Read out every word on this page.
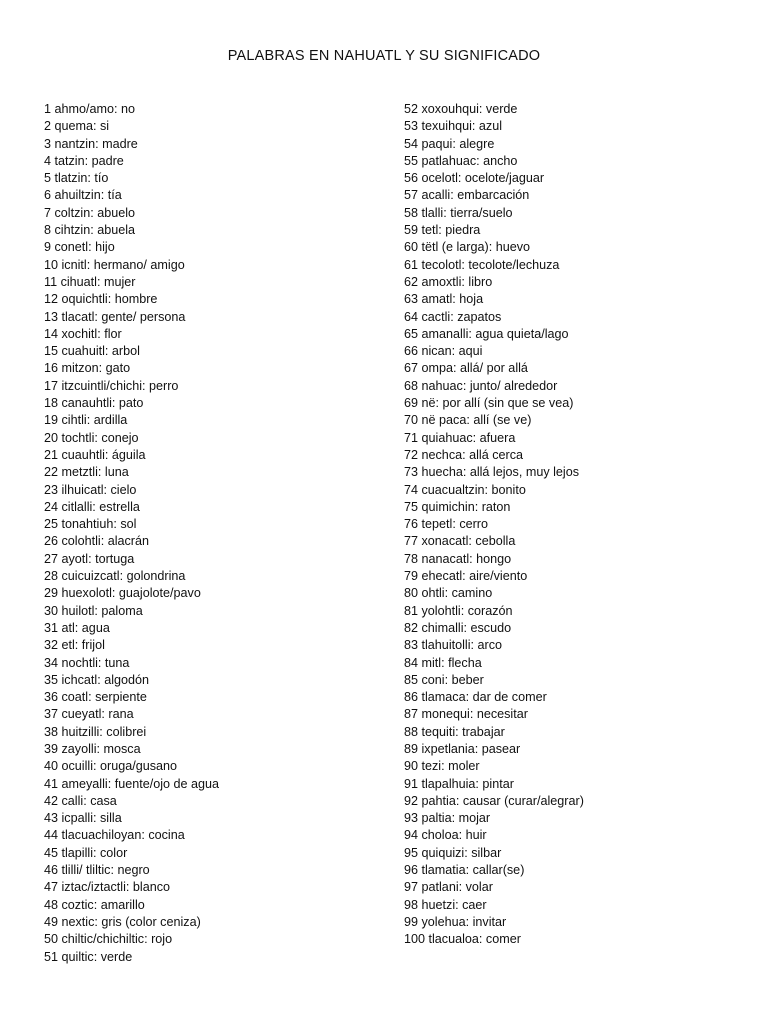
PALABRAS EN NAHUATL Y SU SIGNIFICADO
1 ahmo/amo: no
2 quema: si
3 nantzin: madre
4 tatzin: padre
5 tlatzin: tío
6 ahuiltzin: tía
7 coltzin: abuelo
8 cihtzin: abuela
9 conetl: hijo
10 icnitl: hermano/ amigo
11 cihuatl: mujer
12 oquichtli: hombre
13 tlacatl: gente/ persona
14 xochitl: flor
15 cuahuitl: arbol
16 mitzon: gato
17 itzcuintli/chichi: perro
18 canauhtli: pato
19 cihtli: ardilla
20 tochtli: conejo
21 cuauhtli: águila
22 metztli: luna
23 ilhuicatl: cielo
24 citlalli: estrella
25 tonahtiuh: sol
26 colohtli: alacrán
27 ayotl: tortuga
28 cuicuizcatl: golondrina
29 huexolotl: guajolote/pavo
30 huilotl: paloma
31 atl: agua
32 etl: frijol
34 nochtli: tuna
35 ichcatl: algodón
36 coatl: serpiente
37 cueyatl: rana
38 huitzilli: colibrei
39 zayolli: mosca
40 ocuilli: oruga/gusano
41 ameyalli: fuente/ojo de agua
42 calli: casa
43 icpalli: silla
44 tlacuachiloyan: cocina
45 tlapilli: color
46 tlilli/ tliltic: negro
47 iztac/iztactli: blanco
48 coztic: amarillo
49 nextic: gris (color ceniza)
50 chiltic/chichiltic: rojo
51 quiltic: verde
52 xoxouhqui: verde
53 texuihqui: azul
54 paqui: alegre
55 patlahuac: ancho
56 ocelotl: ocelote/jaguar
57 acalli: embarcación
58 tlalli: tierra/suelo
59 tetl: piedra
60 tëtl (e larga): huevo
61 tecolotl: tecolote/lechuza
62 amoxtli: libro
63 amatl: hoja
64 cactli: zapatos
65 amanalli: agua quieta/lago
66 nican: aqui
67 ompa: allá/ por allá
68 nahuac: junto/ alrededor
69 në: por allí (sin que se vea)
70 në paca: allí (se ve)
71 quiahuac: afuera
72 nechca: allá cerca
73 huecha: allá lejos, muy lejos
74 cuacualtzin: bonito
75 quimichin: raton
76 tepetl: cerro
77 xonacatl: cebolla
78 nanacatl: hongo
79 ehecatl: aire/viento
80 ohtli: camino
81 yolohtli: corazón
82 chimalli: escudo
83 tlahuitolli: arco
84 mitl: flecha
85 coni: beber
86 tlamaca: dar de comer
87 monequi: necesitar
88 tequiti: trabajar
89 ixpetlania: pasear
90 tezi: moler
91 tlapalhuia: pintar
92 pahtia: causar (curar/alegrar)
93 paltia: mojar
94 choloa: huir
95 quiquizi: silbar
96 tlamatia: callar(se)
97 patlani: volar
98 huetzi: caer
99 yolehua: invitar
100 tlacualoa: comer
